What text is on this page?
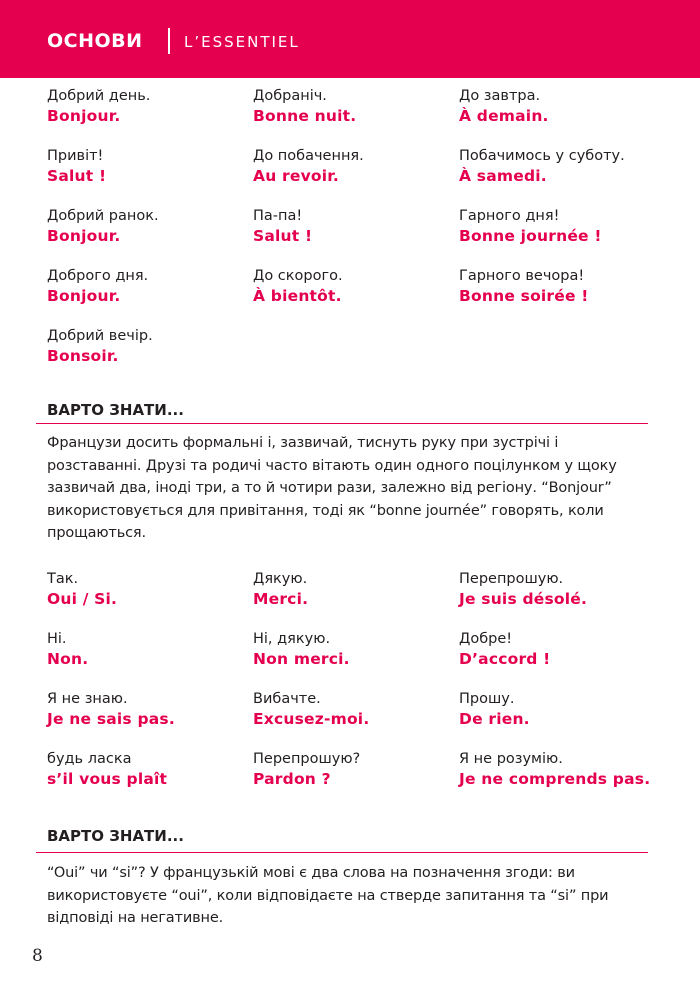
ОСНОВИ	L’ESSENTIEL
Добрий день.
Bonjour.
Добраніч.
Bonne nuit.
До завтра.
À demain.
Привіт!
Salut !
До побачення.
Au revoir.
Побачимось у суботу.
À samedi.
Добрий ранок.
Bonjour.
Па-па!
Salut !
Гарного дня!
Bonne journée !
Доброго дня.
Bonjour.
До скорого.
À bientôt.
Гарного вечора!
Bonne soirée !
Добрий вечір.
Bonsoir.
ВАРТО ЗНАТИ...
Французи досить формальні і, зазвичай, тиснуть руку при зустрічі і розставанні. Друзі та родичі часто вітають один одного поцілунком у щоку зазвичай два, іноді три, а то й чотири рази, залежно від регіону. “Bonjour” використовується для привітання, тоді як “bonne journée” говорять, коли прощаються.
Так.
Oui / Si.
Дякую.
Merci.
Перепрошую.
Je suis désolé.
Ні.
Non.
Ні, дякую.
Non merci.
Добре!
D’accord !
Я не знаю.
Je ne sais pas.
Вибачте.
Excusez-moi.
Прошу.
De rien.
будь ласка
s’il vous plaît
Перепрошую?
Pardon ?
Я не розумію.
Je ne comprends pas.
ВАРТО ЗНАТИ...
“Oui” чи “si”? У французькій мові є два слова на позначення згоди: ви використовуєте “oui”, коли відповідаєте на стверде запитання та “si” при відповіді на негативне.
8
